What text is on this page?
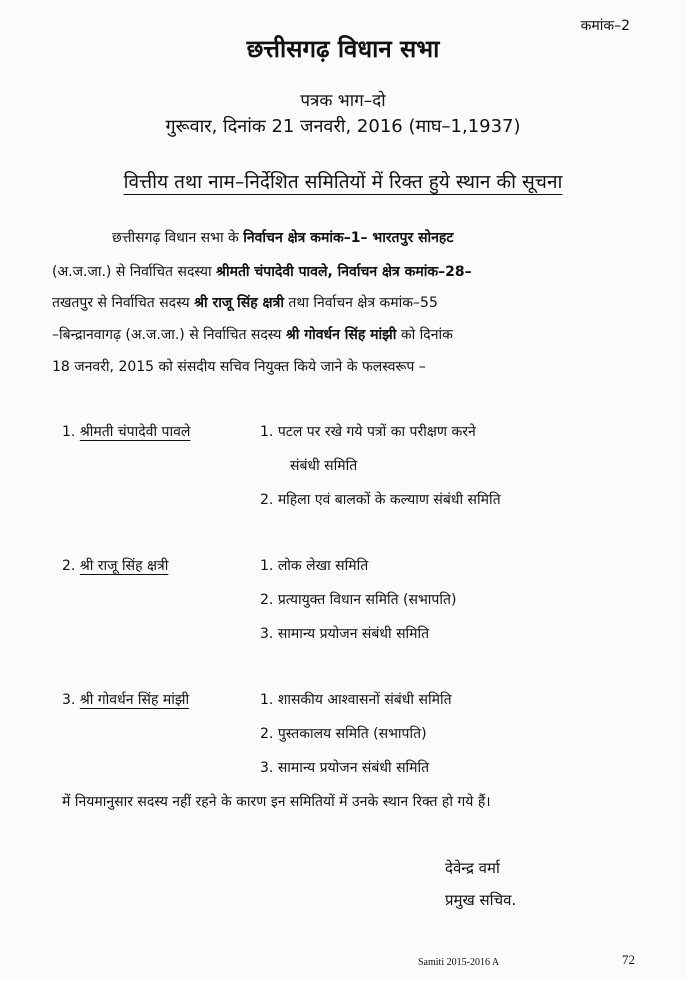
कमांक–2
छत्तीसगढ़ विधान सभा
पत्रक भाग–दो
गुरूवार, दिनांक 21 जनवरी, 2016 (माघ–1,1937)
वित्तीय तथा नाम–निर्देशित समितियों में रिक्त हुये स्थान की सूचना
छत्तीसगढ़ विधान सभा के निर्वाचन क्षेत्र कमांक–1– भारतपुर सोनहट
(अ.ज.जा.) से निर्वाचित सदस्या श्रीमती चंपादेवी पावले, निर्वाचन क्षेत्र कमांक–28–
तखतपुर से निर्वाचित सदस्य श्री राजू सिंह क्षत्री तथा निर्वाचन क्षेत्र कमांक–55
–बिन्द्रानवागढ़ (अ.ज.जा.) से निर्वाचित सदस्य श्री गोवर्धन सिंह मांझी को दिनांक
18 जनवरी, 2015 को संसदीय सचिव नियुक्त किये जाने के फलस्वरूप –
1. श्रीमती चंपादेवी पावले	1. पटल पर रखे गये पत्रों का परीक्षण करने
संबंधी समिति
2. महिला एवं बालकों के कल्याण संबंधी समिति
2. श्री राजू सिंह क्षत्री	1. लोक लेखा समिति
2. प्रत्यायुक्त विधान समिति (सभापति)
3. सामान्य प्रयोजन संबंधी समिति
3. श्री गोवर्धन सिंह मांझी	1. शासकीय आश्वासनों संबंधी समिति
2. पुस्तकालय समिति (सभापति)
3. सामान्य प्रयोजन संबंधी समिति
में नियमानुसार सदस्य नहीं रहने के कारण इन समितियों में उनके स्थान रिक्त हो गये हैं।
देवेन्द्र वर्मा
प्रमुख सचिव.
Samiti 2015-2016 A	72
